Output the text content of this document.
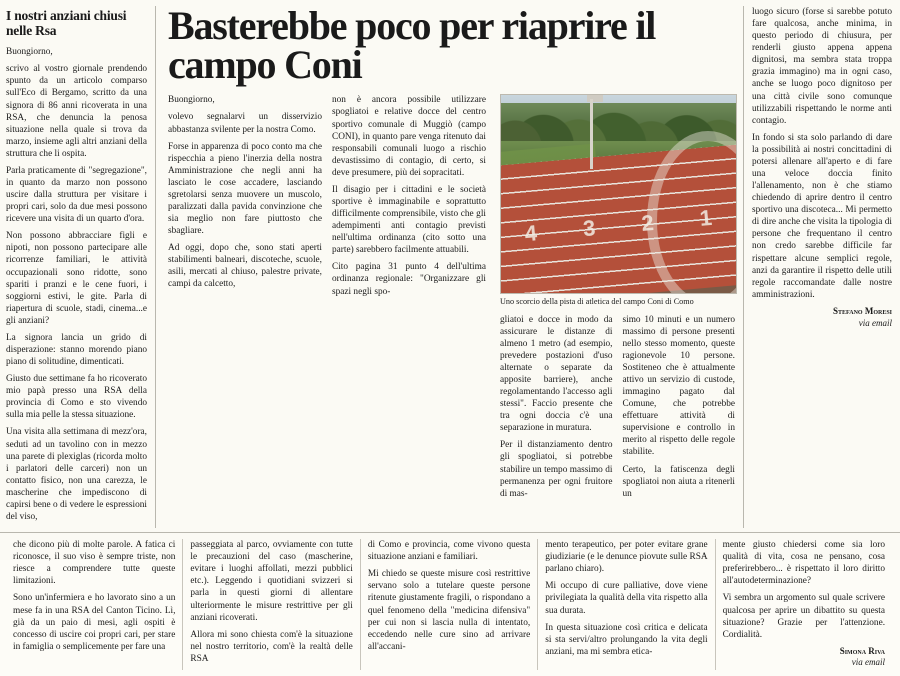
I nostri anziani chiusi nelle Rsa

Buongiorno,

scrivo al vostro giornale prendendo spunto da un articolo comparso sull'Eco di Bergamo, scritto da una signora di 86 anni ricoverata in una RSA, che denuncia la penosa situazione nella quale si trova da marzo, insieme agli altri anziani della struttura che li ospita.

Parla praticamente di "segregazione", in quanto da marzo non possono uscire dalla struttura per visitare i propri cari, solo da due mesi possono ricevere una visita di un quarto d'ora.

Non possono abbracciare figli e nipoti, non possono partecipare alle ricorrenze familiari, le attività occupazionali sono ridotte, sono spariti i pranzi e le cene fuori, i soggiorni estivi, le gite. Parla di riapertura di scuole, stadi, cinema...e gli anziani?

La signora lancia un grido di disperazione: stanno morendo piano piano di solitudine, dimenticati.

Giusto due settimane fa ho ricoverato mio papà presso una RSA della provincia di Como e sto vivendo sulla mia pelle la stessa situazione.

Una visita alla settimana di mezz'ora, seduti ad un tavolino con in mezzo una parete di plexiglas (ricorda molto i parlatori delle carceri) non un contatto fisico, non una carezza, le mascherine che impediscono di capirsi bene o di vedere le espressioni del viso,

Basterebbe poco per riaprire il campo Coni

Buongiorno,

volevo segnalarvi un disservizio abbastanza svilente per la nostra Como.

Forse in apparenza di poco conto ma che rispecchia a pieno l'inerzia della nostra Amministrazione che negli anni ha lasciato le cose accadere, lasciando sgretolarsi senza muovere un muscolo, paralizzati dalla pavida convinzione che sia meglio non fare piuttosto che sbagliare.

Ad oggi, dopo che, sono stati aperti stabilimenti balneari, discoteche, scuole, asili, mercati al chiuso, palestre private, campi da calcetto,

non è ancora possibile utilizzare spogliatoi e relative docce del centro sportivo comunale di Muggiò (campo CONI), in quanto pare venga ritenuto dai responsabili comunali luogo a rischio devastissimo di contagio, di certo, si deve presumere, più dei sopracitati.

Il disagio per i cittadini e le società sportive è immaginabile e soprattutto difficilmente comprensibile, visto che gli adempimenti anti contagio previsti nell'ultima ordinanza (cito sotto una parte) sarebbero facilmente attuabili.

Cito pagina 31 punto 4 dell'ultima ordinanza regionale: "Organizzare gli spazi negli spo-

4 3 2 1
Uno scorcio della pista di atletica del campo Coni di Como

gliatoi e docce in modo da assicurare le distanze di almeno 1 metro (ad esempio, prevedere postazioni d'uso alternate o separate da apposite barriere), anche regolamentando l'accesso agli stessi". Faccio presente che tra ogni doccia c'è una separazione in muratura.

Per il distanziamento dentro gli spogliatoi, si potrebbe stabilire un tempo massimo di permanenza per ogni fruitore di mas-

simo 10 minuti e un numero massimo di persone presenti nello stesso momento, queste ragionevole 10 persone. Sostiteneo che è attualmente attivo un servizio di custode, immagino pagato dal Comune, che potrebbe effettuare attività di supervisione e controllo in merito al rispetto delle regole stabilite.

Certo, la fatiscenza degli spogliatoi non aiuta a ritenerli un

luogo sicuro (forse si sarebbe potuto fare qualcosa, anche minima, in questo periodo di chiusura, per renderli giusto appena appena dignitosi, ma sembra stata troppa grazia immagino) ma in ogni caso, anche se luogo poco dignitoso per una città civile sono comunque utilizzabili rispettando le norme anti contagio.

In fondo si sta solo parlando di dare la possibilità ai nostri concittadini di potersi allenare all'aperto e di fare una veloce doccia finito l'allenamento, non è che stiamo chiedendo di aprire dentro il centro sportivo una discoteca... Mi permetto di dire anche che visita la tipologia di persone che frequentano il centro non credo sarebbe difficile far rispettare alcune semplici regole, anzi da garantire il rispetto delle utili regole raccomandate dalle nostre amministrazioni.

Stefano Moresi
via email

che dicono più di molte parole. A fatica ci riconosce, il suo viso è sempre triste, non riesce a comprendere tutte queste limitazioni.

Sono un'infermiera e ho lavorato sino a un mese fa in una RSA del Canton Ticino. Lì, già da un paio di mesi, agli ospiti è concesso di uscire coi propri cari, per stare in famiglia o semplicemente per fare una

passeggiata al parco, ovviamente con tutte le precauzioni del caso (mascherine, evitare i luoghi affollati, mezzi pubblici etc.). Leggendo i quotidiani svizzeri si parla in questi giorni di allentare ulteriormente le misure restrittive per gli anziani ricoverati.

Allora mi sono chiesta com'è la situazione nel nostro territorio, com'è la realtà delle RSA

di Como e provincia, come vivono questa situazione anziani e familiari.

Mi chiedo se queste misure così restrittive servano solo a tutelare queste persone ritenute giustamente fragili, o rispondano a quel fenomeno della "medicina difensiva" per cui non si lascia nulla di intentato, eccedendo nelle cure sino ad arrivare all'accani-

mento terapeutico, per poter evitare grane giudiziarie (e le denunce piovute sulle RSA parlano chiaro).

Mi occupo di cure palliative, dove viene privilegiata la qualità della vita rispetto alla sua durata.

In questa situazione così critica e delicata si sta servi/altro prolungando la vita degli anziani, ma mi sembra etica-

mente giusto chiedersi come sia loro qualità di vita, cosa ne pensano, cosa preferirebbero... è rispettato il loro diritto all'autodeterminazione?

Vi sembra un argomento sul quale scrivere qualcosa per aprire un dibattito su questa situazione? Grazie per l'attenzione. Cordialità.

Simona Riva
via email
